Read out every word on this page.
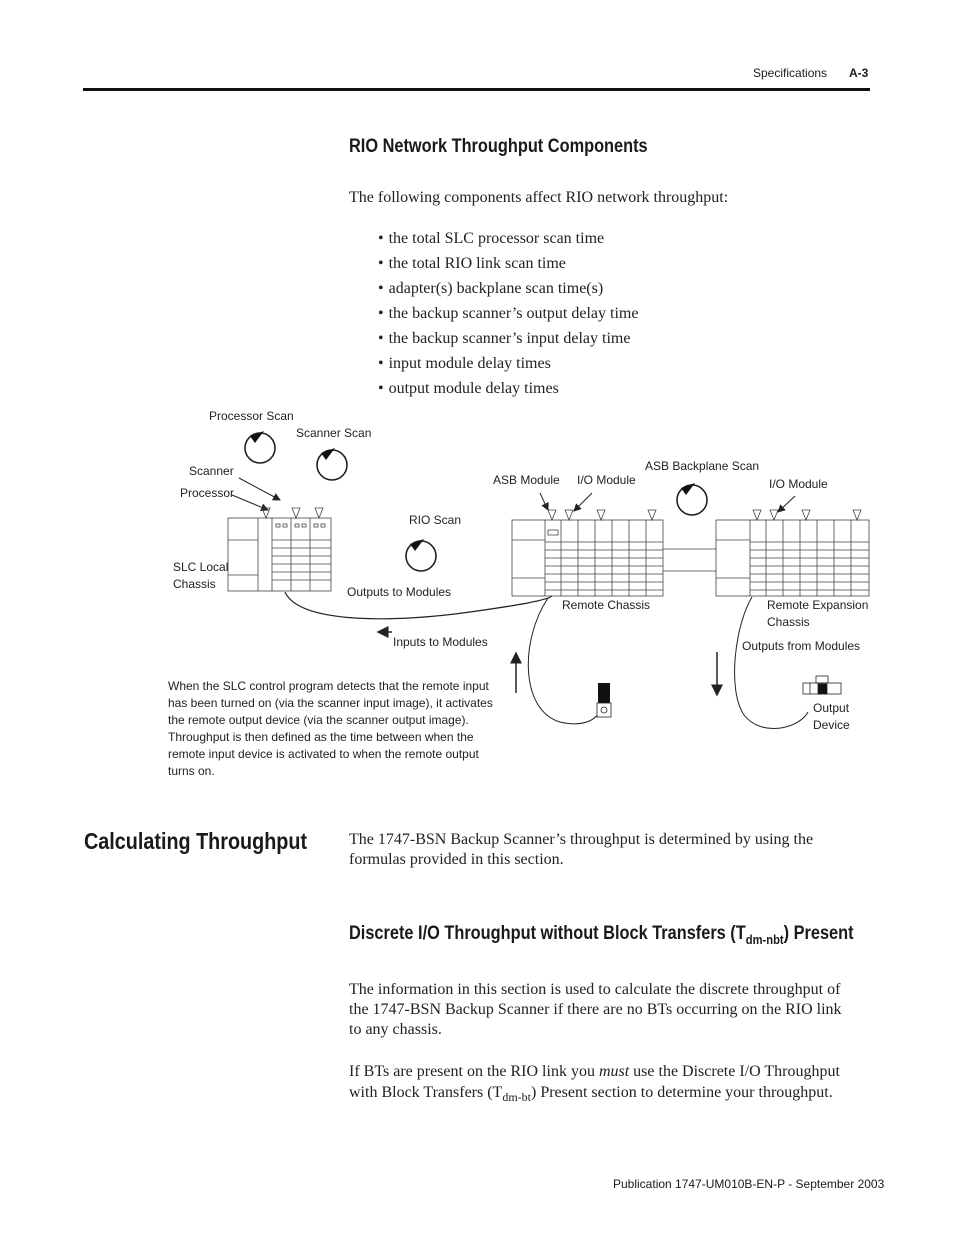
Specifications A-3
RIO Network Throughput Components
The following components affect RIO network throughput:
• the total SLC processor scan time
• the total RIO link scan time
• adapter(s) backplane scan time(s)
• the backup scanner’s output delay time
• the backup scanner’s input delay time
• input module delay times
• output module delay times
Processor Scan
Scanner Scan
Scanner
Processor
SLC Local
Chassis
RIO Scan
Outputs to Modules
Inputs to Modules
ASB Module I/O Module
ASB Backplane Scan
I/O Module
Remote Chassis	Remote Expansion
Chassis
Outputs from Modules
Output
Device
When the SLC control program detects that the remote input has been turned on (via the scanner input image), it activates the remote output device (via the scanner output image). Throughput is then defined as the time between when the remote input device is activated to when the remote output turns on.
Calculating Throughput	The 1747-BSN Backup Scanner’s throughput is determined by using the formulas provided in this section.
Discrete I/O Throughput without Block Transfers $(T_{dm-nbt})$ Present
The information in this section is used to calculate the discrete throughput of the 1747-BSN Backup Scanner if there are no BTs occurring on the RIO link to any chassis.
If BTs are present on the RIO link you must use the Discrete I/O Throughput with Block Transfers $(T_{dm-bt})$ Present section to determine your throughput.
Publication 1747-UM010B-EN-P - September 2003
